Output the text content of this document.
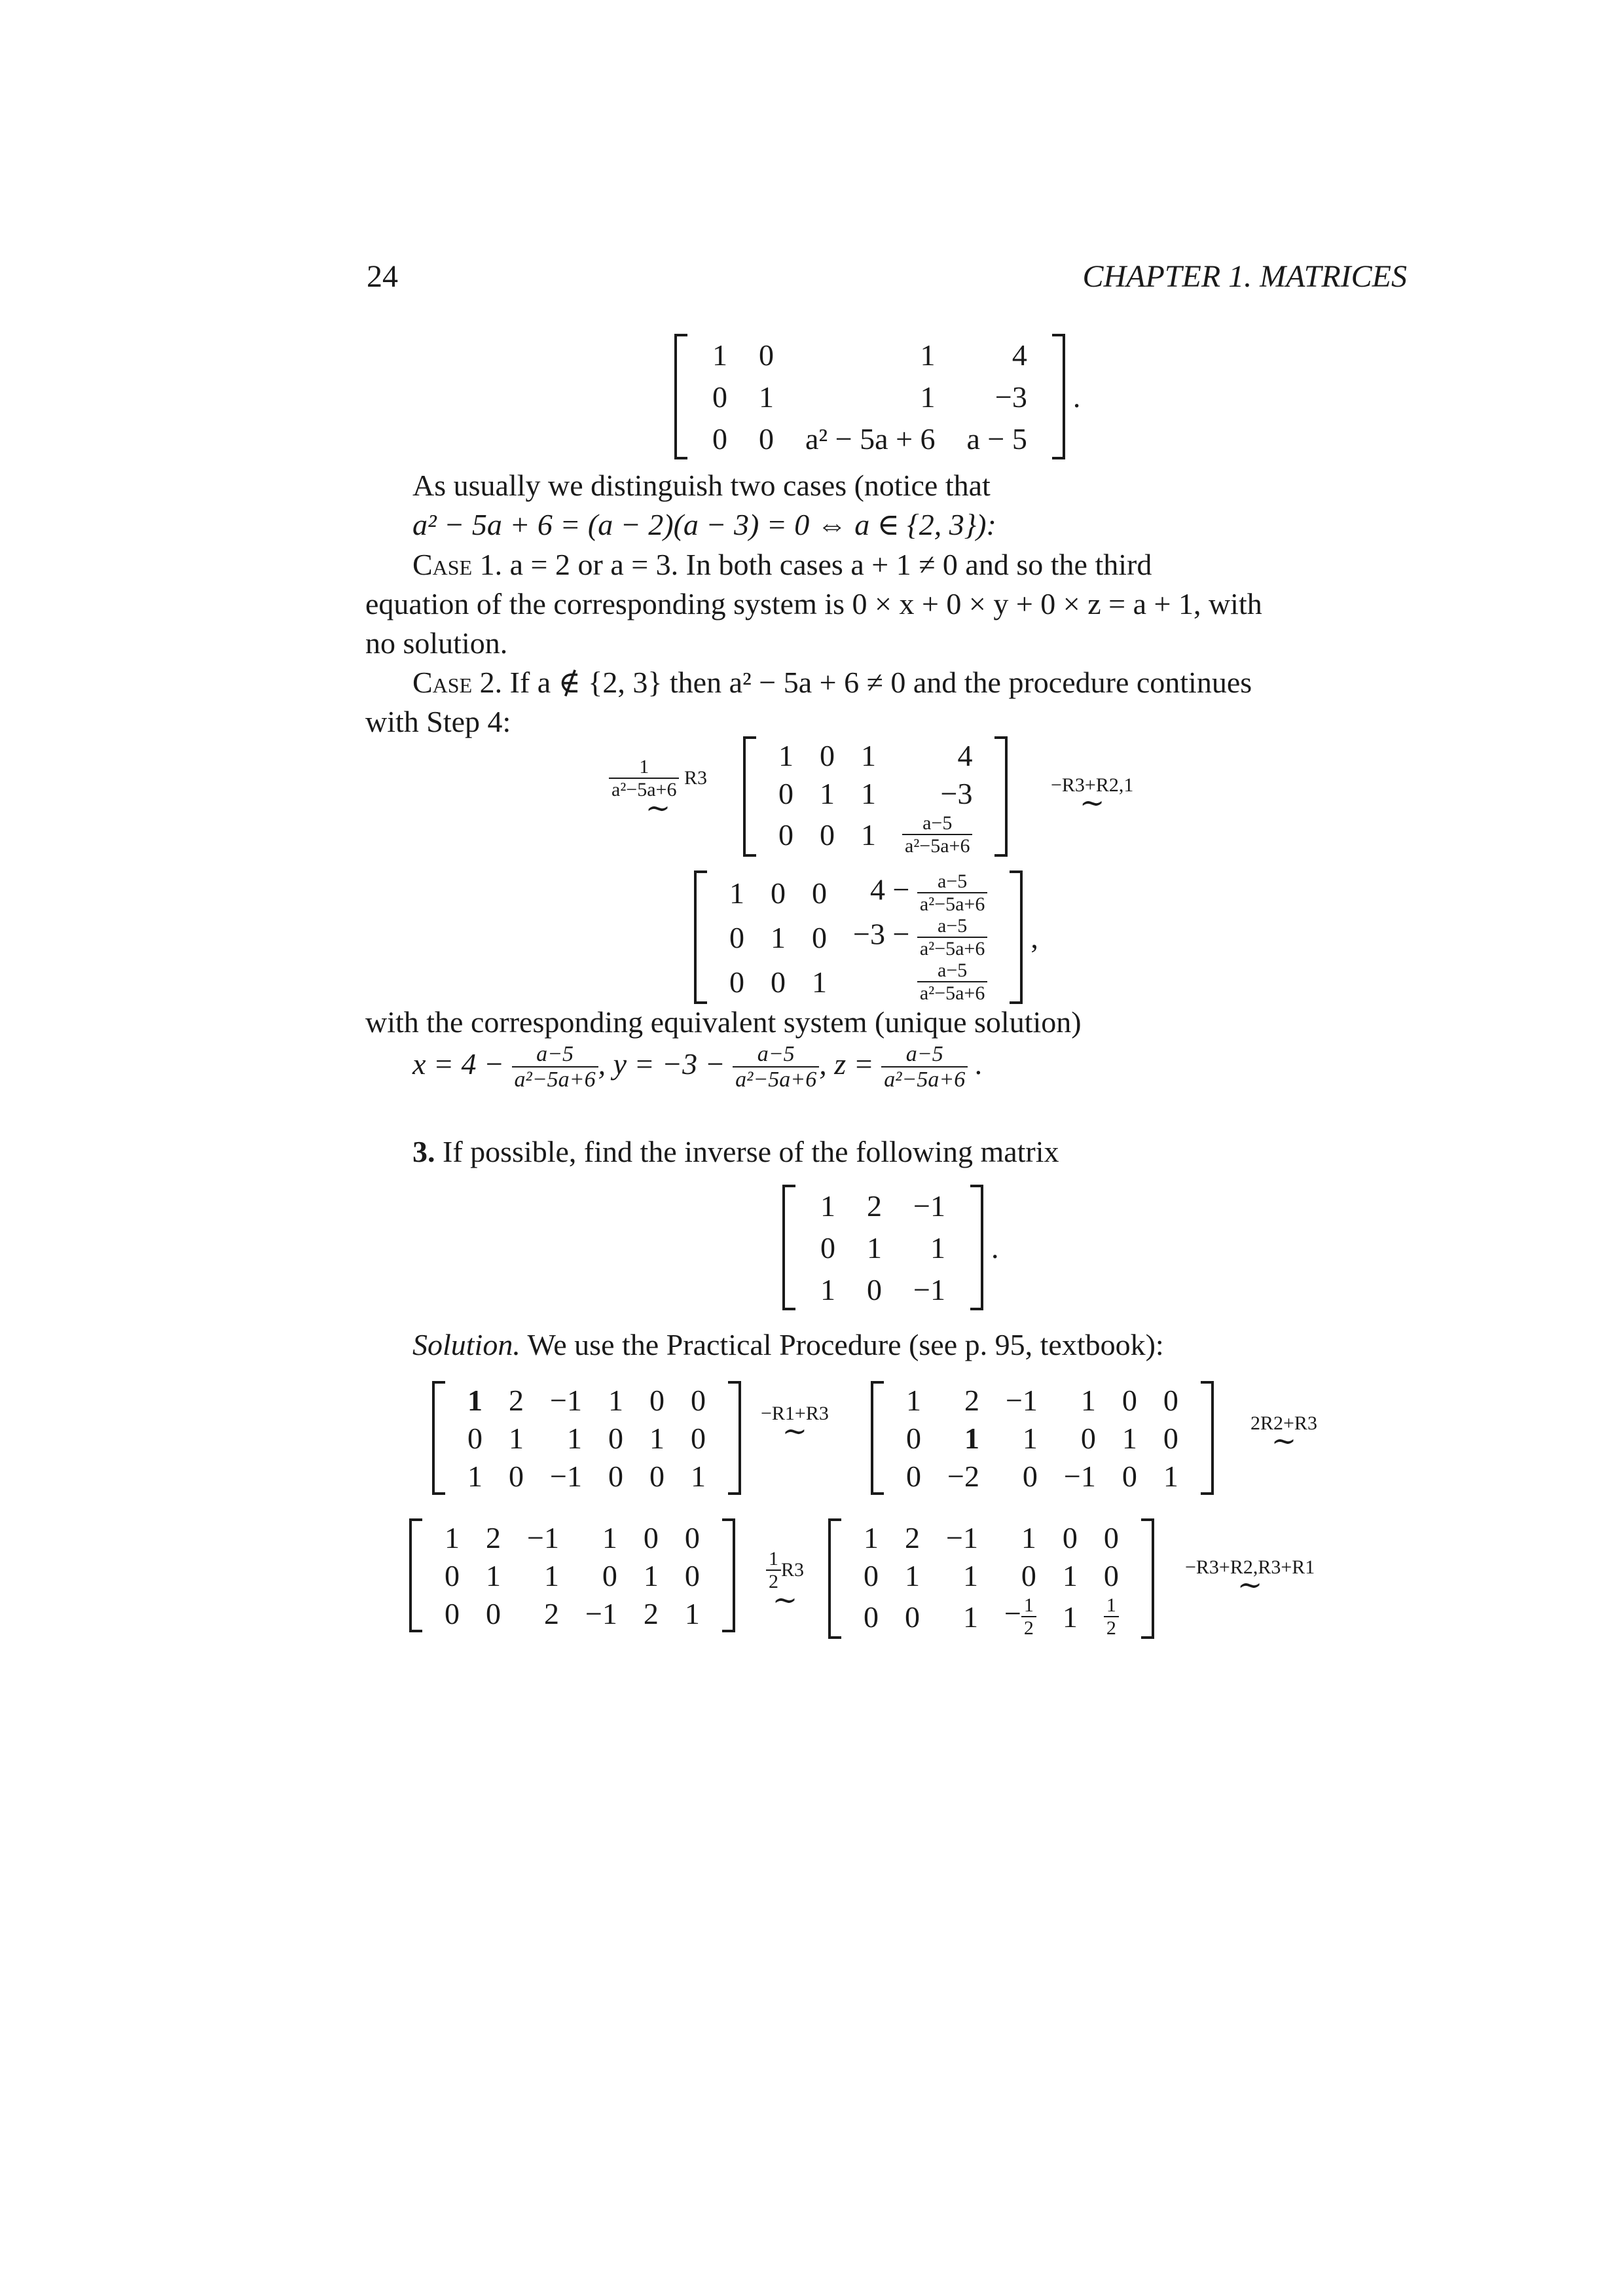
24	CHAPTER 1. MATRICES
1	0	1	4
0	1	1	−3
0	0	a² − 5a + 6	a − 5
.
As usually we distinguish two cases (notice that
a² − 5a + 6 = (a − 2)(a − 3) = 0 ⇔ a ∈ {2, 3}):
Case 1. a = 2 or a = 3. In both cases a + 1 ≠ 0 and so the third
equation of the corresponding system is 0 × x + 0 × y + 0 × z = a + 1, with
no solution.
Case 2. If a ∉ {2, 3} then a² − 5a + 6 ≠ 0 and the procedure continues
with Step 4:
$\frac{1}{\text{a²−5a+6}} R3$
∼
1	0	1	4
0	1	1	−3
0	0	1	$\frac{a-5}{\text{a²−5a+6}}$
−R3+R2,1
∼
1	0	0	$4 - \frac{a-5}{\text{a²−5a+6}}$

0	1	0	$-3 - \frac{a-5}{\text{a²−5a+6}}$

0	0	1	$\frac{a-5}{\text{a²−5a+6}}$
,
with the corresponding equivalent system (unique solution)
$x = 4 - \frac{a-5}{\text{a²−5a+6}}$ , $y = -3 - \frac{a-5}{\text{a²−5a+6}}$ , $z = \frac{a-5}{\text{a²−5a+6}}$ .
3. If possible, find the inverse of the following matrix
1	2	−1
0	1	1
1	0	−1
.
Solution. We use the Practical Procedure (see p. 95, textbook):
1	2	−1	1	0	0
0	1	1	0	1	0
1	0	−1	0	0	1
−R1+R3
∼
1	2	−1	1	0	0
0	1	1	0	1	0
0	−2	0	−1	0	1
2R2+R3
∼
1	2	−1	1	0	0
0	1	1	0	1	0
0	0	2	−1	2	1
$\frac{1}{2} R3$
∼
1	2	−1	1	0	0
0	1	1	0	1	0
0	0	1	− $\frac{1}{2}$	1	$\frac{1}{2}$
−R3+R2,R3+R1
∼
